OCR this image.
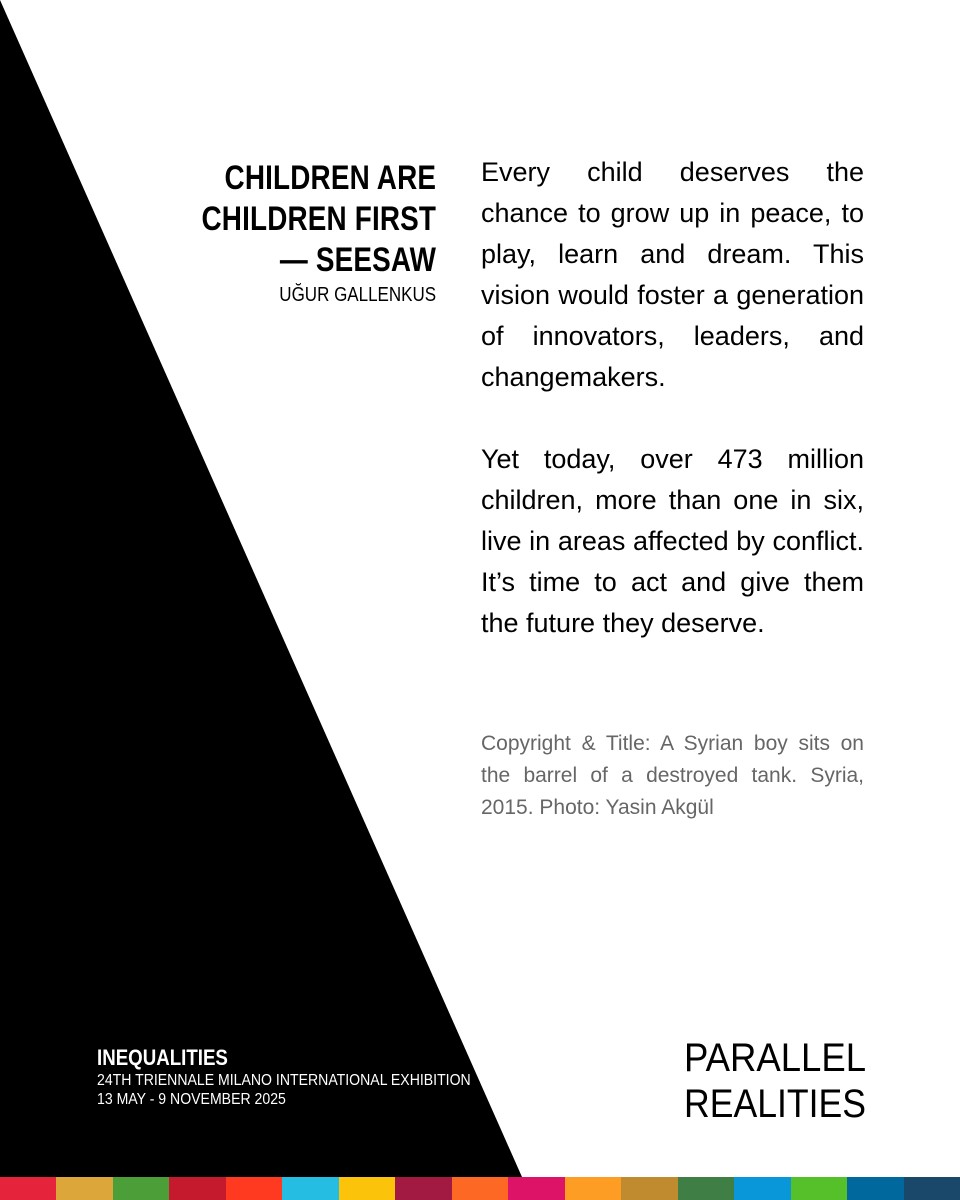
CHILDREN ARE
CHILDREN FIRST
— SEESAW
UĞUR GALLENKUS

Every child deserves the chance to grow up in peace, to play, learn and dream. This vision would foster a generation of innovators, leaders, and changemakers.

Yet today, over 473 million children, more than one in six, live in areas affected by conflict. It’s time to act and give them the future they deserve.

Copyright & Title: A Syrian boy sits on the barrel of a destroyed tank. Syria, 2015. Photo: Yasin Akgül
INEQUALITIES
24TH TRIENNALE MILANO INTERNATIONAL EXHIBITION
13 MAY - 9 NOVEMBER 2025
PARALLEL
REALITIES
